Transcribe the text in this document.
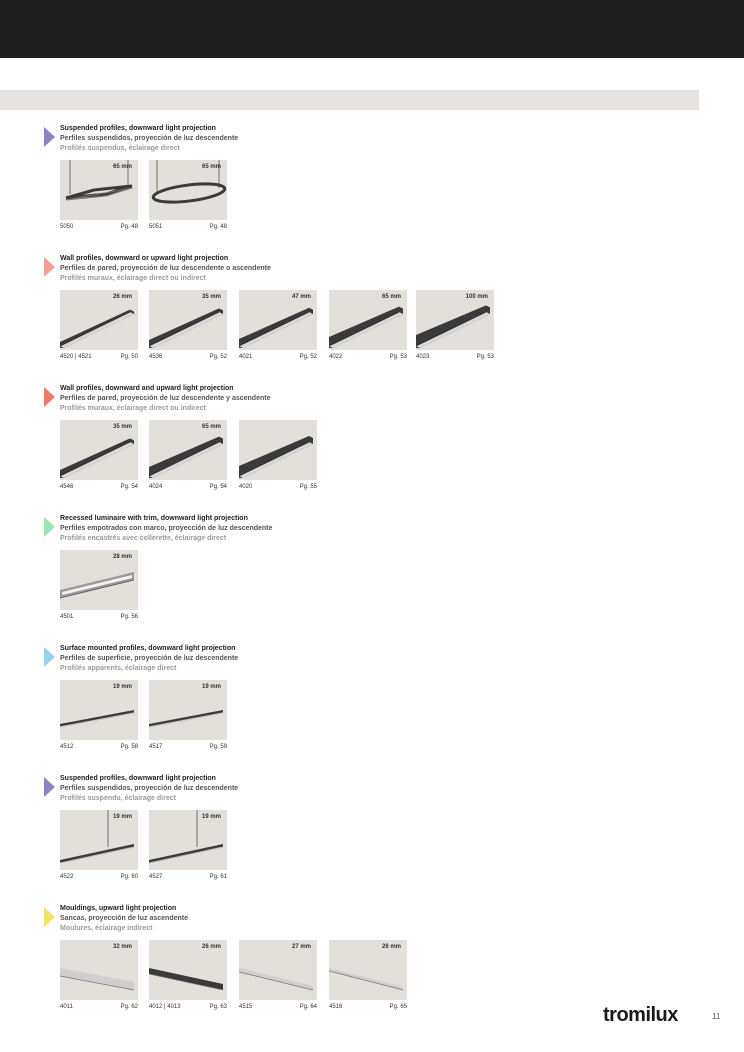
Suspended profiles, downward light projection
Perfiles suspendidos, proyección de luz descendente
Profilés suspendus, éclairage direct
65 mm
5050	Pg. 48
65 mm
5051	Pg. 48
Wall profiles, downward or upward light projection
Perfiles de pared, proyección de luz descendente o ascendente
Profilés muraux, éclairage direct ou indirect
26 mm
4520 | 4521	Pg. 50
35 mm
4536	Pg. 52
47 mm
4021	Pg. 52
65 mm
4022	Pg. 53
100 mm
4023	Pg. 53
Wall profiles, downward and upward light projection
Perfiles de pared, proyección de luz descendente y ascendente
Profilés muraux, éclairage direct ou indirect
35 mm
4546	Pg. 54
65 mm
4024	Pg. 54 4020	Pg. 55
Recessed luminaire with trim, downward light projection
Perfiles empotrados con marco, proyección de luz descendente
Profilés encastrés avec collerette, éclairage direct
28 mm
4501	Pg. 56
Surface mounted profiles, downward light projection
Perfiles de superficie, proyección de luz descendente
Profilés apparents, éclairage direct
19 mm
4512	Pg. 58
19 mm
4517	Pg. 59
Suspended profiles, downward light projection
Perfiles suspendidos, proyección de luz descendente
Profilés suspendu, éclairage direct
19 mm
4522	Pg. 60
19 mm
4527	Pg. 61
Mouldings, upward light projection
Sancas, proyección de luz ascendente
Moulures, éclairage indirect
32 mm
4011	Pg. 62
26 mm
4012 | 4013	Pg. 63
27 mm
4515	Pg. 64
26 mm
4516	Pg. 65	tromilux	11
